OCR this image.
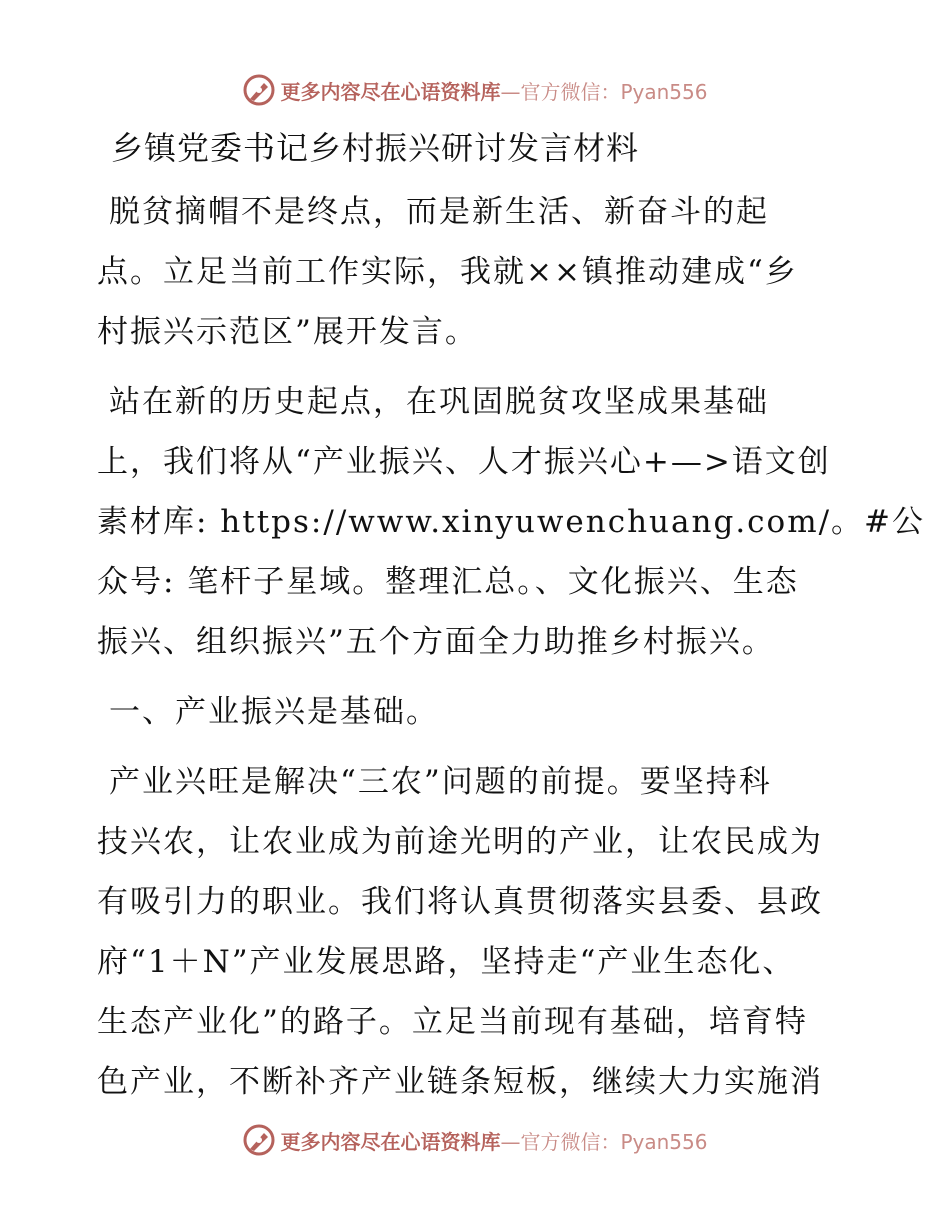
更多内容尽在心语资料库—官方微信：Pyan556
乡镇党委书记乡村振兴研讨发言材料
脱贫摘帽不是终点，而是新生活、新奋斗的起
点。立足当前工作实际，我就××镇推动建成“乡
村振兴示范区”展开发言。
站在新的历史起点，在巩固脱贫攻坚成果基础
上，我们将从“产业振兴、人才振兴心+—>语文创
素材库: https://www.xinyuwenchuang.com/。#公
众号: 笔杆子星域。整理汇总。、文化振兴、生态
振兴、组织振兴”五个方面全力助推乡村振兴。
一、产业振兴是基础。
产业兴旺是解决“三农”问题的前提。要坚持科
技兴农，让农业成为前途光明的产业，让农民成为
有吸引力的职业。我们将认真贯彻落实县委、县政
府“1＋N”产业发展思路，坚持走“产业生态化、
生态产业化”的路子。立足当前现有基础，培育特
色产业，不断补齐产业链条短板，继续大力实施消
更多内容尽在心语资料库—官方微信：Pyan556
